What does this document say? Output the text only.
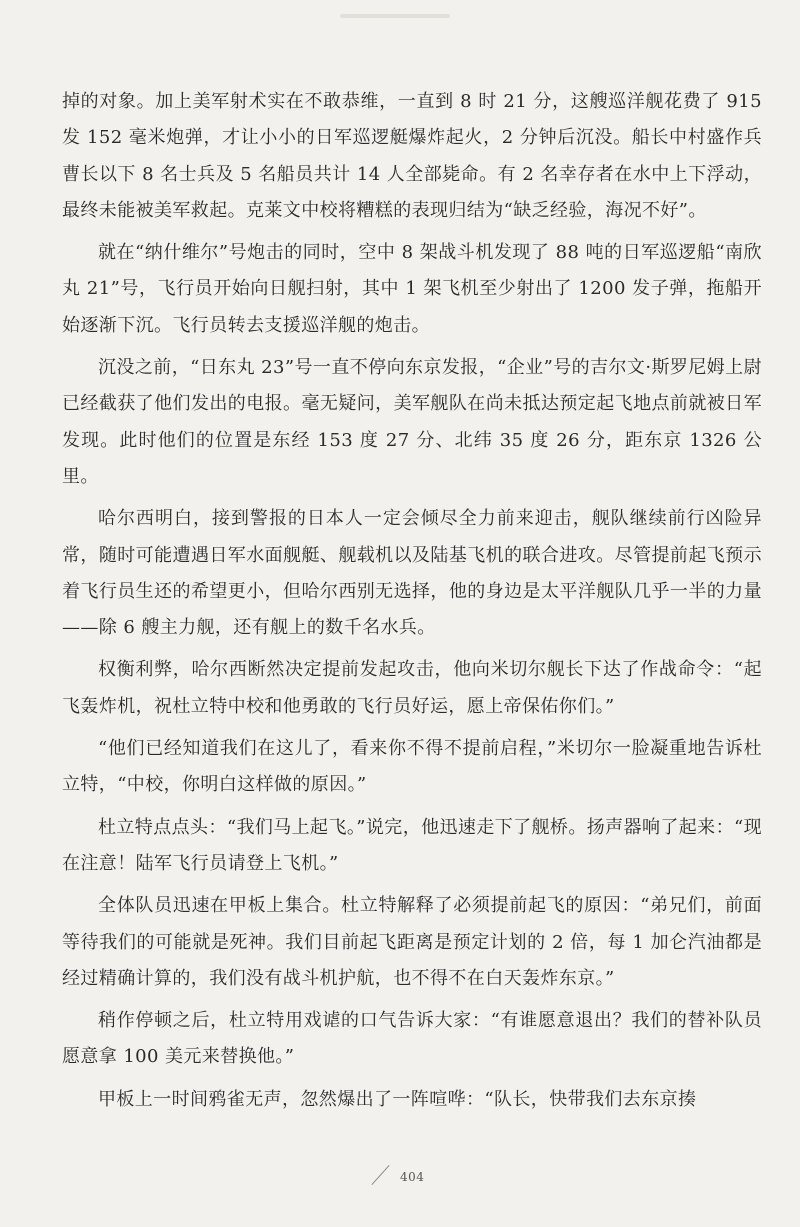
掉的对象。加上美军射术实在不敢恭维，一直到 8 时 21 分，这艘巡洋舰花费了 915 发 152 毫米炮弹，才让小小的日军巡逻艇爆炸起火，2 分钟后沉没。船长中村盛作兵曹长以下 8 名士兵及 5 名船员共计 14 人全部毙命。有 2 名幸存者在水中上下浮动，最终未能被美军救起。克莱文中校将糟糕的表现归结为“缺乏经验，海况不好”。

就在“纳什维尔”号炮击的同时，空中 8 架战斗机发现了 88 吨的日军巡逻船“南欣丸 21”号，飞行员开始向日舰扫射，其中 1 架飞机至少射出了 1200 发子弹，拖船开始逐渐下沉。飞行员转去支援巡洋舰的炮击。

沉没之前，“日东丸 23”号一直不停向东京发报，“企业”号的吉尔文·斯罗尼姆上尉已经截获了他们发出的电报。毫无疑问，美军舰队在尚未抵达预定起飞地点前就被日军发现。此时他们的位置是东经 153 度 27 分、北纬 35 度 26 分，距东京 1326 公里。

哈尔西明白，接到警报的日本人一定会倾尽全力前来迎击，舰队继续前行凶险异常，随时可能遭遇日军水面舰艇、舰载机以及陆基飞机的联合进攻。尽管提前起飞预示着飞行员生还的希望更小，但哈尔西别无选择，他的身边是太平洋舰队几乎一半的力量——除 6 艘主力舰，还有舰上的数千名水兵。

权衡利弊，哈尔西断然决定提前发起攻击，他向米切尔舰长下达了作战命令：“起飞轰炸机，祝杜立特中校和他勇敢的飞行员好运，愿上帝保佑你们。”

“他们已经知道我们在这儿了，看来你不得不提前启程，”米切尔一脸凝重地告诉杜立特，“中校，你明白这样做的原因。”

杜立特点点头：“我们马上起飞。”说完，他迅速走下了舰桥。扬声器响了起来：“现在注意！陆军飞行员请登上飞机。”

全体队员迅速在甲板上集合。杜立特解释了必须提前起飞的原因：“弟兄们，前面等待我们的可能就是死神。我们目前起飞距离是预定计划的 2 倍，每 1 加仑汽油都是经过精确计算的，我们没有战斗机护航，也不得不在白天轰炸东京。”

稍作停顿之后，杜立特用戏谑的口气告诉大家：“有谁愿意退出？我们的替补队员愿意拿 100 美元来替换他。”

甲板上一时间鸦雀无声，忽然爆出了一阵喧哗：“队长，快带我们去东京揍

404
